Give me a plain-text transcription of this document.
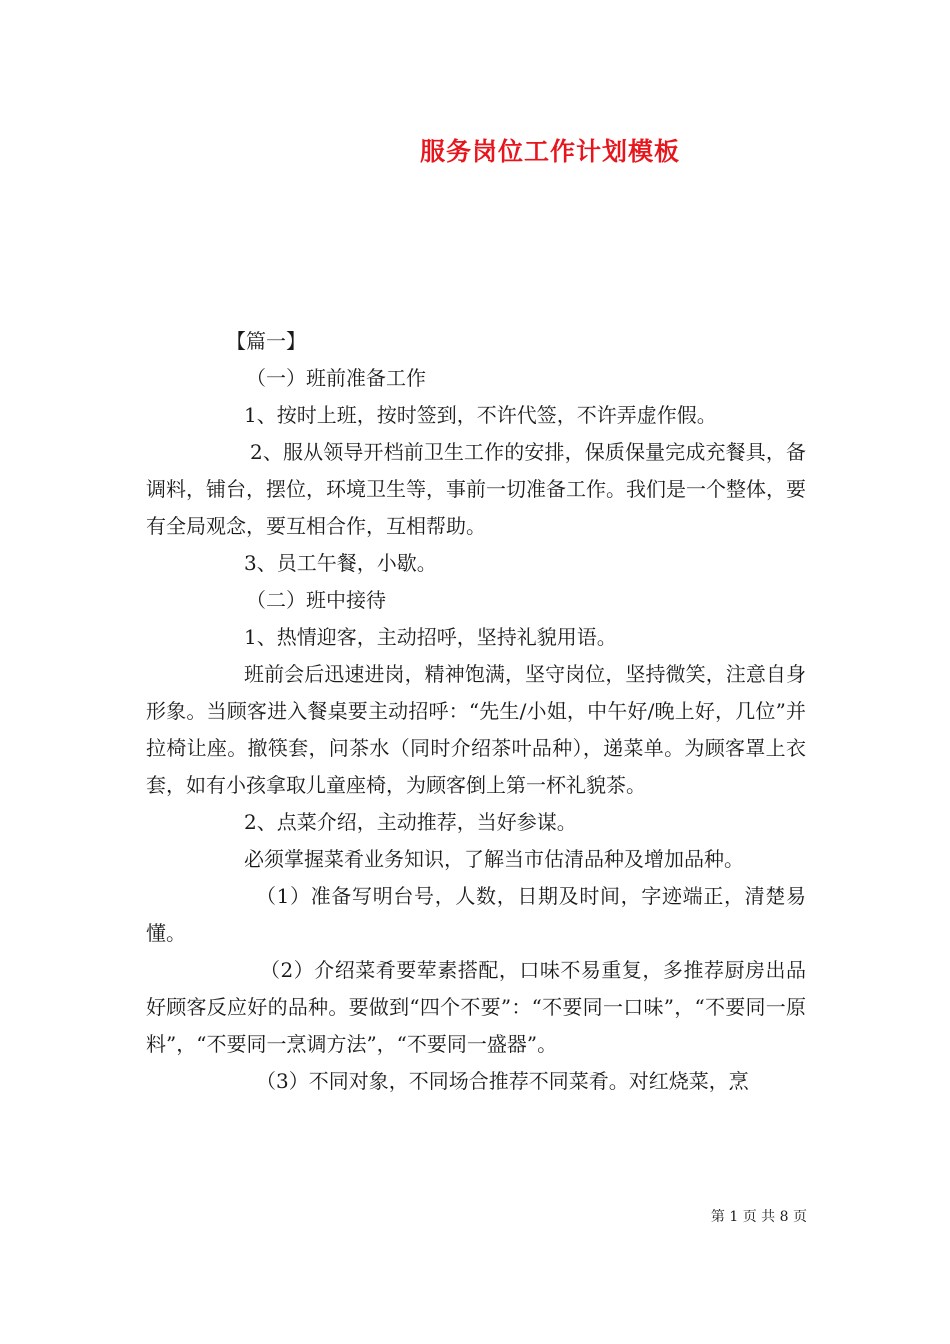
服务岗位工作计划模板
【篇一】
（一）班前准备工作
1、按时上班，按时签到，不许代签，不许弄虚作假。
2、服从领导开档前卫生工作的安排，保质保量完成充餐具，备调料，铺台，摆位，环境卫生等，事前一切准备工作。我们是一个整体，要有全局观念，要互相合作，互相帮助。
3、员工午餐，小歇。
（二）班中接待
1、热情迎客，主动招呼，坚持礼貌用语。
班前会后迅速进岗，精神饱满，坚守岗位，坚持微笑，注意自身形象。当顾客进入餐桌要主动招呼：“先生/小姐，中午好/晚上好，几位”并拉椅让座。撤筷套，问茶水（同时介绍茶叶品种），递菜单。为顾客罩上衣套，如有小孩拿取儿童座椅，为顾客倒上第一杯礼貌茶。
2、点菜介绍，主动推荐，当好参谋。
必须掌握菜肴业务知识，了解当市估清品种及增加品种。
（1）准备写明台号，人数，日期及时间，字迹端正，清楚易懂。
（2）介绍菜肴要荤素搭配，口味不易重复，多推荐厨房出品好顾客反应好的品种。要做到“四个不要”：“不要同一口味”，“不要同一原料”，“不要同一烹调方法”，“不要同一盛器”。
（3）不同对象，不同场合推荐不同菜肴。对红烧菜，烹
第 1 页 共 8 页
